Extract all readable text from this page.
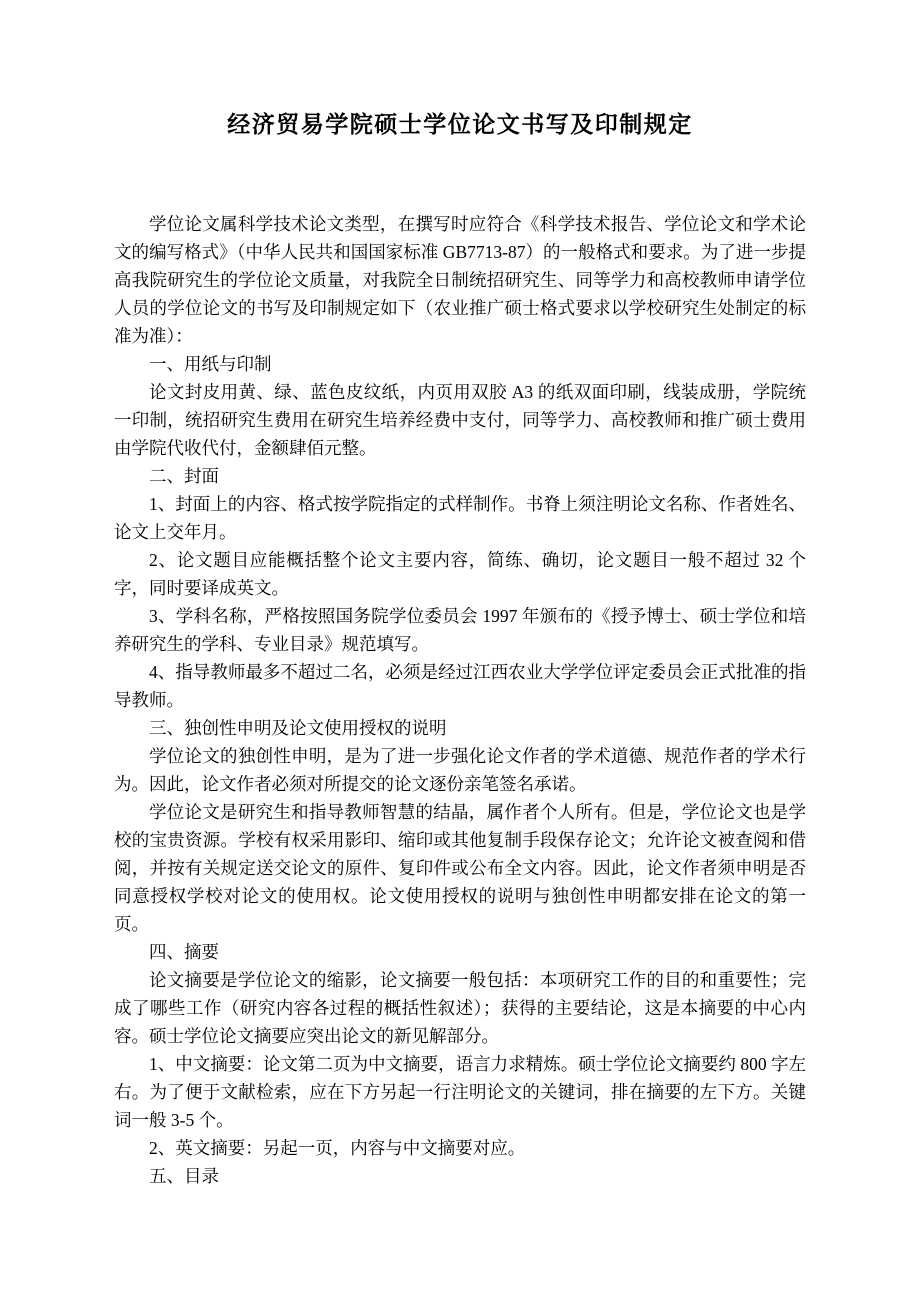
经济贸易学院硕士学位论文书写及印制规定

学位论文属科学技术论文类型，在撰写时应符合《科学技术报告、学位论文和学术论文的编写格式》（中华人民共和国国家标准 GB7713-87）的一般格式和要求。为了进一步提高我院研究生的学位论文质量，对我院全日制统招研究生、同等学力和高校教师申请学位人员的学位论文的书写及印制规定如下（农业推广硕士格式要求以学校研究生处制定的标准为准）：

一、用纸与印制

论文封皮用黄、绿、蓝色皮纹纸，内页用双胶 A3 的纸双面印刷，线装成册，学院统一印制，统招研究生费用在研究生培养经费中支付，同等学力、高校教师和推广硕士费用由学院代收代付，金额肆佰元整。

二、封面

1、封面上的内容、格式按学院指定的式样制作。书脊上须注明论文名称、作者姓名、论文上交年月。

2、论文题目应能概括整个论文主要内容，简练、确切，论文题目一般不超过 32 个字，同时要译成英文。

3、学科名称，严格按照国务院学位委员会 1997 年颁布的《授予博士、硕士学位和培养研究生的学科、专业目录》规范填写。

4、指导教师最多不超过二名，必须是经过江西农业大学学位评定委员会正式批准的指导教师。

三、独创性申明及论文使用授权的说明

学位论文的独创性申明，是为了进一步强化论文作者的学术道德、规范作者的学术行为。因此，论文作者必须对所提交的论文逐份亲笔签名承诺。

学位论文是研究生和指导教师智慧的结晶，属作者个人所有。但是，学位论文也是学校的宝贵资源。学校有权采用影印、缩印或其他复制手段保存论文；允许论文被查阅和借阅，并按有关规定送交论文的原件、复印件或公布全文内容。因此，论文作者须申明是否同意授权学校对论文的使用权。论文使用授权的说明与独创性申明都安排在论文的第一页。

四、摘要

论文摘要是学位论文的缩影，论文摘要一般包括：本项研究工作的目的和重要性；完成了哪些工作（研究内容各过程的概括性叙述）；获得的主要结论，这是本摘要的中心内容。硕士学位论文摘要应突出论文的新见解部分。

1、中文摘要：论文第二页为中文摘要，语言力求精炼。硕士学位论文摘要约 800 字左右。为了便于文献检索，应在下方另起一行注明论文的关键词，排在摘要的左下方。关键词一般 3-5 个。

2、英文摘要：另起一页，内容与中文摘要对应。

五、目录
